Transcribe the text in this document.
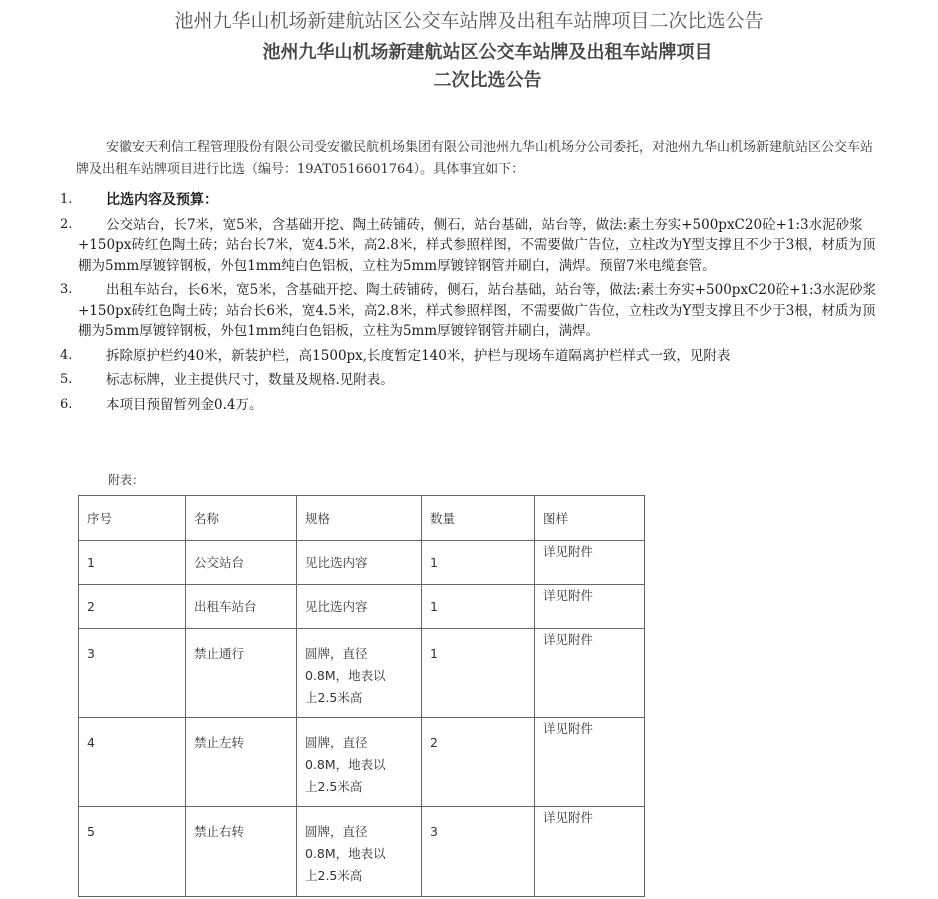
池州九华山机场新建航站区公交车站牌及出租车站牌项目二次比选公告
池州九华山机场新建航站区公交车站牌及出租车站牌项目
二次比选公告

安徽安天利信工程管理股份有限公司受安徽民航机场集团有限公司池州九华山机场分公司委托，对池州九华山机场新建航站区公交车站牌及出租车站牌项目进行比选（编号：19AT0516601764）。具体事宜如下：

1.	比选内容及预算：
2.	公交站台，长7米，宽5米，含基础开挖、陶土砖铺砖，侧石，站台基础，站台等，做法:素土夯实+500pxC20砼+1:3水泥砂浆+150px砖红色陶土砖；站台长7米，宽4.5米，高2.8米，样式参照样图，不需要做广告位，立柱改为Y型支撑且不少于3根，材质为顶棚为5mm厚镀锌钢板，外包1mm纯白色铝板，立柱为5mm厚镀锌钢管并刷白，满焊。预留7米电缆套管。
3.	出租车站台，长6米，宽5米，含基础开挖、陶土砖铺砖，侧石，站台基础，站台等，做法:素土夯实+500pxC20砼+1:3水泥砂浆+150px砖红色陶土砖；站台长6米，宽4.5米，高2.8米，样式参照样图，不需要做广告位，立柱改为Y型支撑且不少于3根，材质为顶棚为5mm厚镀锌钢板，外包1mm纯白色铝板，立柱为5mm厚镀锌钢管并刷白，满焊。
4.	拆除原护栏约40米，新装护栏，高1500px,长度暂定140米，护栏与现场车道隔离护栏样式一致，见附表
5.	标志标牌，业主提供尺寸，数量及规格.见附表。
6.	本项目预留暂列金0.4万。
附表：
序号	名称	规格	数量	图样
1	公交站台	见比选内容	1	详见附件
2	出租车站台	见比选内容	1	详见附件
3	禁止通行	圆牌，直径
0.8M，地表以
上2.5米高	1	详见附件
4	禁止左转	圆牌，直径
0.8M，地表以
上2.5米高	2	详见附件
5	禁止右转	圆牌，直径
0.8M，地表以
上2.5米高	3	详见附件
